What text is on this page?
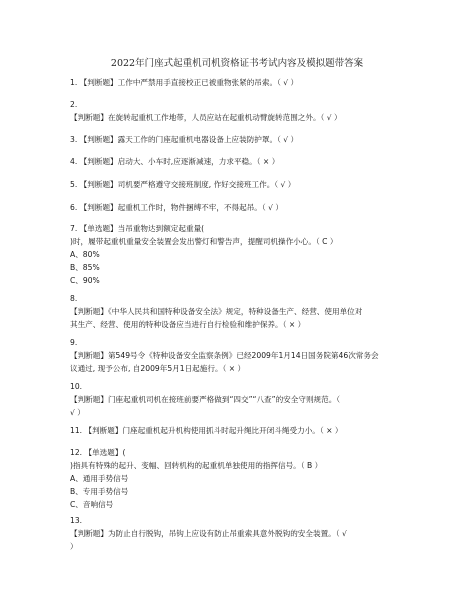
2022年门座式起重机司机资格证书考试内容及模拟题带答案
1. 【判断题】工作中严禁用手直接校正已被重物张紧的吊索。（ √ ）
2.
【判断题】在旋转起重机工作地带，人员应站在起重机动臂旋转范围之外。（ √ ）
3. 【判断题】露天工作的门座起重机电器设备上应装防护罩。（ √ ）
4. 【判断题】启动大、小车时,应逐渐减速，力求平稳。（ × ）
5. 【判断题】司机要严格遵守交接班制度, 作好交接班工作。（ √ ）
6. 【判断题】起重机工作时，物件捆缚不牢，不得起吊。（ √ ）
7. 【单选题】当吊重物达到额定起重量(
)时，履带起重机重量安全装置会发出警灯和警告声，提醒司机操作小心。（ C ）
A、80%
B、85%
C、90%
8.
【判断题】《中华人民共和国特种设备安全法》规定，特种设备生产、经营、使用单位对
其生产、经营、使用的特种设备应当进行自行检验和维护保养。（ × ）
9.
【判断题】第549号令《特种设备安全监察条例》已经2009年1月14日国务院第46次常务会
议通过, 现予公布, 自2009年5月1日起施行。（ × ）
10.
【判断题】门座起重机司机在接班前要严格做到“四交”“八查”的安全守则规范。（
√ ）
11. 【判断题】门座起重机起升机构使用抓斗时起升绳比开闭斗绳受力小。（ × ）
12. 【单选题】(
)指具有特殊的起升、变幅、回转机构的起重机单独使用的指挥信号。（ B ）
A、通用手势信号
B、专用手势信号
C、音响信号
13.
【判断题】为防止自行脱钩，吊钩上应设有防止吊重索具意外脱钩的安全装置。（ √
）
